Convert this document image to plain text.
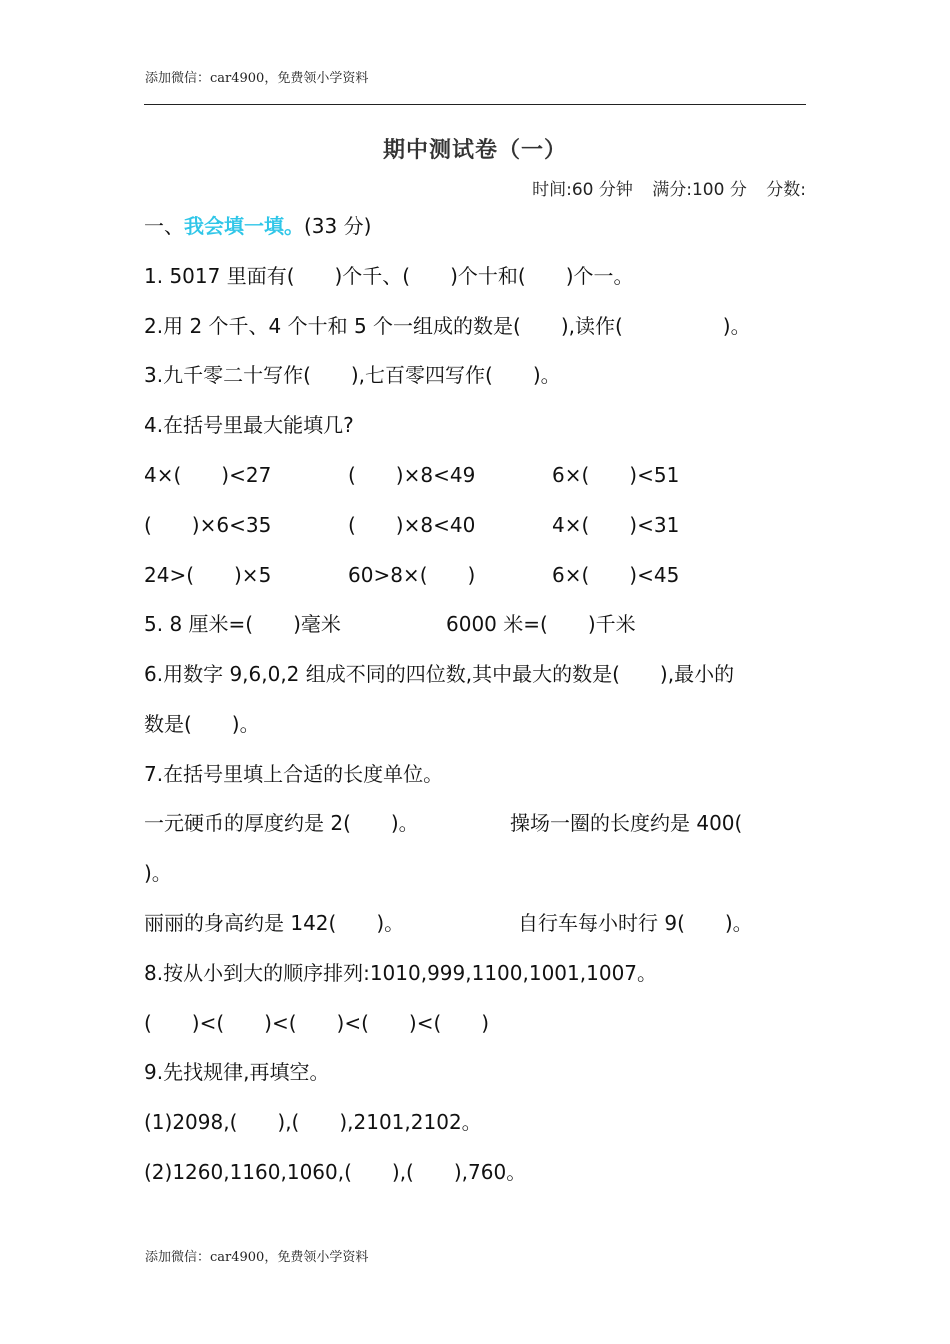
添加微信：car4900，免费领小学资料
期中测试卷（一）
时间:60 分钟 满分:100 分 分数:
一、我会填一填。(33 分)
1. 5017 里面有(　　)个千、(　　)个十和(　　)个一。
2.用 2 个千、4 个十和 5 个一组成的数是(　　),读作(　　　　　)。
3.九千零二十写作(　　),七百零四写作(　　)。
4.在括号里最大能填几?
4×(　　)<27	(　　)×8<49	6×(　　)<51
(　　)×6<35	(　　)×8<40	4×(　　)<31
24>(　　)×5	60>8×(　　)	6×(　　)<45
5. 8 厘米=(　　)毫米	6000 米=(　　)千米
6.用数字 9,6,0,2 组成不同的四位数,其中最大的数是(　　),最小的
数是(　　)。
7.在括号里填上合适的长度单位。
一元硬币的厚度约是 2(　　)。	操场一圈的长度约是 400(
)。
丽丽的身高约是 142(　　)。	自行车每小时行 9(　　)。
8.按从小到大的顺序排列:1010,999,1100,1001,1007。
(　　)<(　　)<(　　)<(　　)<(　　)
9.先找规律,再填空。
(1)2098,(　　),(　　),2101,2102。
(2)1260,1160,1060,(　　),(　　),760。
添加微信：car4900，免费领小学资料
